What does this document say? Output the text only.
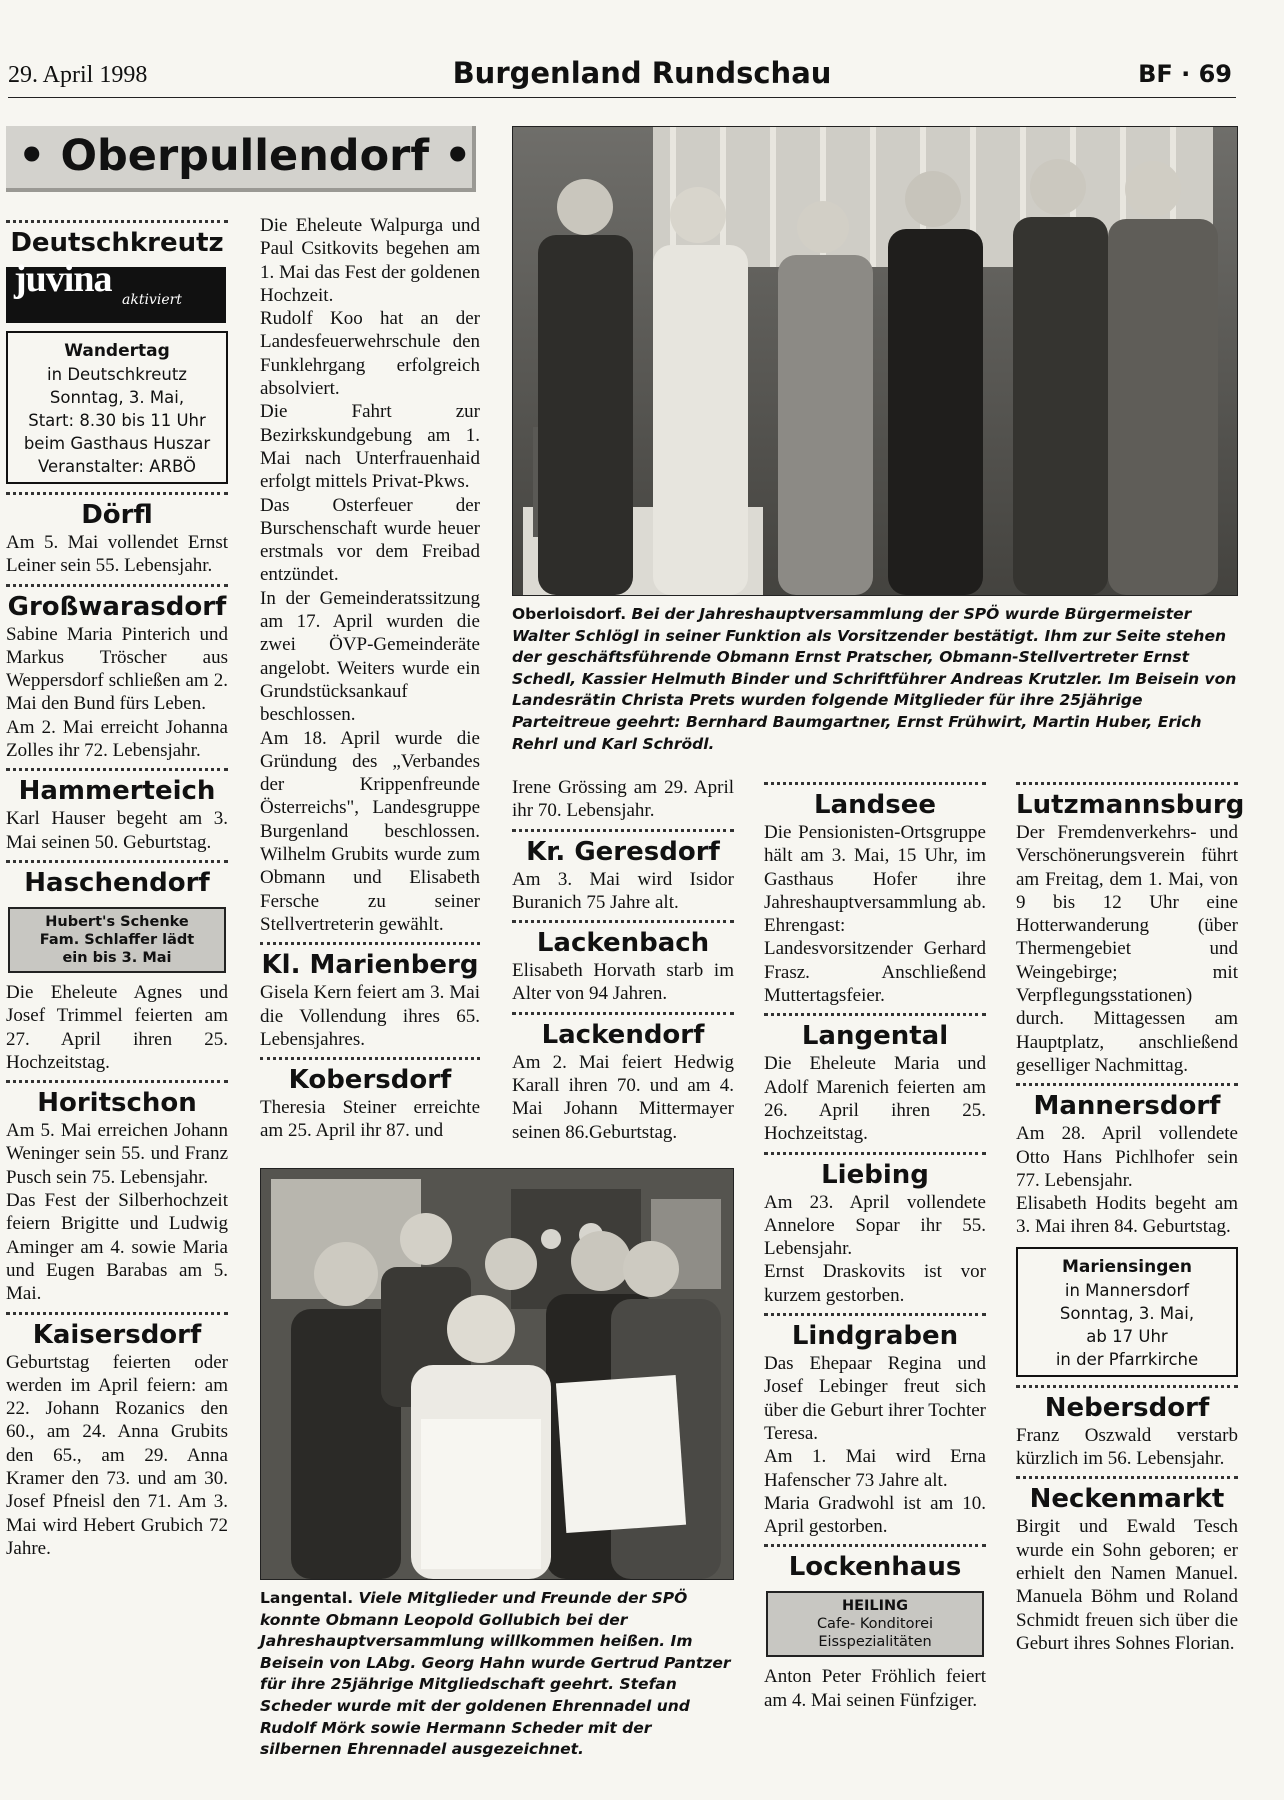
29. April 1998	Burgenland Rundschau	BF · 69
• Oberpullendorf •
Deutschkreutz
juvina aktiviert
Wandertag
in Deutschkreutz
Sonntag, 3. Mai,
Start: 8.30 bis 11 Uhr
beim Gasthaus Huszar
Veranstalter: ARBÖ
Dörfl

Am 5. Mai vollendet Ernst Leiner sein 55. Lebensjahr.

Großwarasdorf

Sabine Maria Pinterich und Markus Tröscher aus Weppersdorf schließen am 2. Mai den Bund fürs Leben.

Am 2. Mai erreicht Johanna Zolles ihr 72. Lebensjahr.

Hammerteich

Karl Hauser begeht am 3. Mai seinen 50. Geburtstag.

Haschendorf
Hubert's Schenke
Fam. Schlaffer lädt
ein bis 3. Mai

Die Eheleute Agnes und Josef Trimmel feierten am 27. April ihren 25. Hochzeitstag.

Horitschon

Am 5. Mai erreichen Johann Weninger sein 55. und Franz Pusch sein 75. Lebensjahr.

Das Fest der Silberhochzeit feiern Brigitte und Ludwig Aminger am 4. sowie Maria und Eugen Barabas am 5. Mai.

Kaisersdorf

Geburtstag feierten oder werden im April feiern: am 22. Johann Rozanics den 60., am 24. Anna Grubits den 65., am 29. Anna Kramer den 73. und am 30. Josef Pfneisl den 71. Am 3. Mai wird Hebert Grubich 72 Jahre.

Die Eheleute Walpurga und Paul Csitkovits begehen am 1. Mai das Fest der goldenen Hochzeit.

Rudolf Koo hat an der Landesfeuerwehrschule den Funklehrgang erfolgreich absolviert.

Die Fahrt zur Bezirkskundgebung am 1. Mai nach Unterfrauenhaid erfolgt mittels Privat-Pkws.

Das Osterfeuer der Burschenschaft wurde heuer erstmals vor dem Freibad entzündet.

In der Gemeinderatssitzung am 17. April wurden die zwei ÖVP-Gemeinderäte angelobt. Weiters wurde ein Grundstücksankauf beschlossen.

Am 18. April wurde die Gründung des „Verbandes der Krippenfreunde Österreichs", Landesgruppe Burgenland beschlossen. Wilhelm Grubits wurde zum Obmann und Elisabeth Fersche zu seiner Stellvertreterin gewählt.

Kl. Marienberg

Gisela Kern feiert am 3. Mai die Vollendung ihres 65. Lebensjahres.

Kobersdorf

Theresia Steiner erreichte am 25. April ihr 87. und

Oberloisdorf. Bei der Jahreshauptversammlung der SPÖ wurde Bürgermeister Walter Schlögl in seiner Funktion als Vorsitzender bestätigt. Ihm zur Seite stehen der geschäftsführende Obmann Ernst Pratscher, Obmann-Stellvertreter Ernst Schedl, Kassier Helmuth Binder und Schriftführer Andreas Krutzler. Im Beisein von Landesrätin Christa Prets wurden folgende Mitglieder für ihre 25jährige Parteitreue geehrt: Bernhard Baumgartner, Ernst Frühwirt, Martin Huber, Erich Rehrl und Karl Schrödl.

Irene Grössing am 29. April ihr 70. Lebensjahr.

Kr. Geresdorf

Am 3. Mai wird Isidor Buranich 75 Jahre alt.

Lackenbach

Elisabeth Horvath starb im Alter von 94 Jahren.

Lackendorf

Am 2. Mai feiert Hedwig Karall ihren 70. und am 4. Mai Johann Mittermayer seinen 86.Geburtstag.

Langental. Viele Mitglieder und Freunde der SPÖ konnte Obmann Leopold Gollubich bei der Jahreshauptversammlung willkommen heißen. Im Beisein von LAbg. Georg Hahn wurde Gertrud Pantzer für ihre 25jährige Mitgliedschaft geehrt. Stefan Scheder wurde mit der goldenen Ehrennadel und Rudolf Mörk sowie Hermann Scheder mit der silbernen Ehrennadel ausgezeichnet.
Landsee

Die Pensionisten-Ortsgruppe hält am 3. Mai, 15 Uhr, im Gasthaus Hofer ihre Jahreshauptversammlung ab. Ehrengast: Landesvorsitzender Gerhard Frasz. Anschließend Muttertagsfeier.

Langental

Die Eheleute Maria und Adolf Marenich feierten am 26. April ihren 25. Hochzeitstag.

Liebing

Am 23. April vollendete Annelore Sopar ihr 55. Lebensjahr.

Ernst Draskovits ist vor kurzem gestorben.

Lindgraben

Das Ehepaar Regina und Josef Lebinger freut sich über die Geburt ihrer Tochter Teresa.

Am 1. Mai wird Erna Hafenscher 73 Jahre alt.

Maria Gradwohl ist am 10. April gestorben.

Lockenhaus
HEILING
Cafe- Konditorei
Eisspezialitäten

Anton Peter Fröhlich feiert am 4. Mai seinen Fünfziger.

Lutzmannsburg

Der Fremdenverkehrs- und Verschönerungsverein führt am Freitag, dem 1. Mai, von 9 bis 12 Uhr eine Hotterwanderung (über Thermengebiet und Weingebirge; mit Verpflegungsstationen) durch. Mittagessen am Hauptplatz, anschließend geselliger Nachmittag.

Mannersdorf

Am 28. April vollendete Otto Hans Pichlhofer sein 77. Lebensjahr.

Elisabeth Hodits begeht am 3. Mai ihren 84. Geburtstag.

Mariensingen
in Mannersdorf
Sonntag, 3. Mai,
ab 17 Uhr
in der Pfarrkirche
Nebersdorf

Franz Oszwald verstarb kürzlich im 56. Lebensjahr.

Neckenmarkt

Birgit und Ewald Tesch wurde ein Sohn geboren; er erhielt den Namen Manuel. Manuela Böhm und Roland Schmidt freuen sich über die Geburt ihres Sohnes Florian.
